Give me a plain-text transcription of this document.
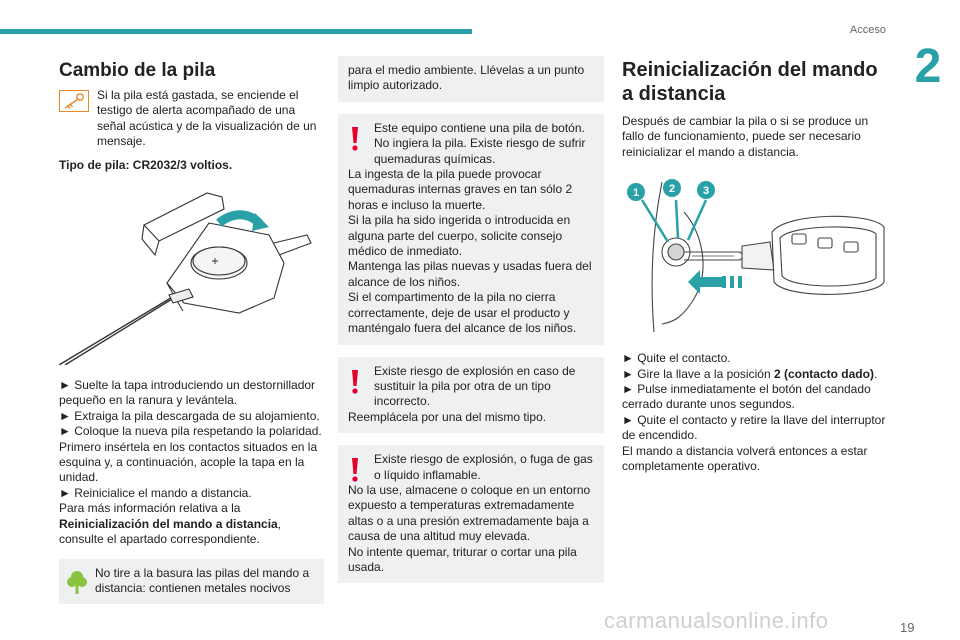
Acceso
2
Cambio de la pila

Si la pila está gastada, se enciende el testigo de alerta acompañado de una señal acústica y de la visualización de un mensaje.

Tipo de pila: CR2032/3 voltios.

► Suelte la tapa introduciendo un destornillador pequeño en la ranura y levántela.

► Extraiga la pila descargada de su alojamiento.

► Coloque la nueva pila respetando la polaridad. Primero insértela en los contactos situados en la esquina y, a continuación, acople la tapa en la unidad.

► Reinicialice el mando a distancia.

Para más información relativa a la Reinicialización del mando a distancia, consulte el apartado correspondiente.

No tire a la basura las pilas del mando a distancia: contienen metales nocivos

para el medio ambiente. Llévelas a un punto limpio autorizado.

Este equipo contiene una pila de botón. No ingiera la pila. Existe riesgo de sufrir quemaduras químicas.

La ingesta de la pila puede provocar quemaduras internas graves en tan sólo 2 horas e incluso la muerte.

Si la pila ha sido ingerida o introducida en alguna parte del cuerpo, solicite consejo médico de inmediato.

Mantenga las pilas nuevas y usadas fuera del alcance de los niños.

Si el compartimento de la pila no cierra correctamente, deje de usar el producto y manténgalo fuera del alcance de los niños.

Existe riesgo de explosión en caso de sustituir la pila por otra de un tipo incorrecto.

Reemplácela por una del mismo tipo.

Existe riesgo de explosión, o fuga de gas o líquido inflamable.

No la use, almacene o coloque en un entorno expuesto a temperaturas extremadamente altas o a una presión extremadamente baja a causa de una altitud muy elevada.

No intente quemar, triturar o cortar una pila usada.

Reinicialización del mando a distancia

Después de cambiar la pila o si se produce un fallo de funcionamiento, puede ser necesario reinicializar el mando a distancia.

1	2	3

► Quite el contacto.

► Gire la llave a la posición 2 (contacto dado).

► Pulse inmediatamente el botón del candado cerrado durante unos segundos.

► Quite el contacto y retire la llave del interruptor de encendido.

El mando a distancia volverá entonces a estar completamente operativo.

carmanualsonline.info	19
